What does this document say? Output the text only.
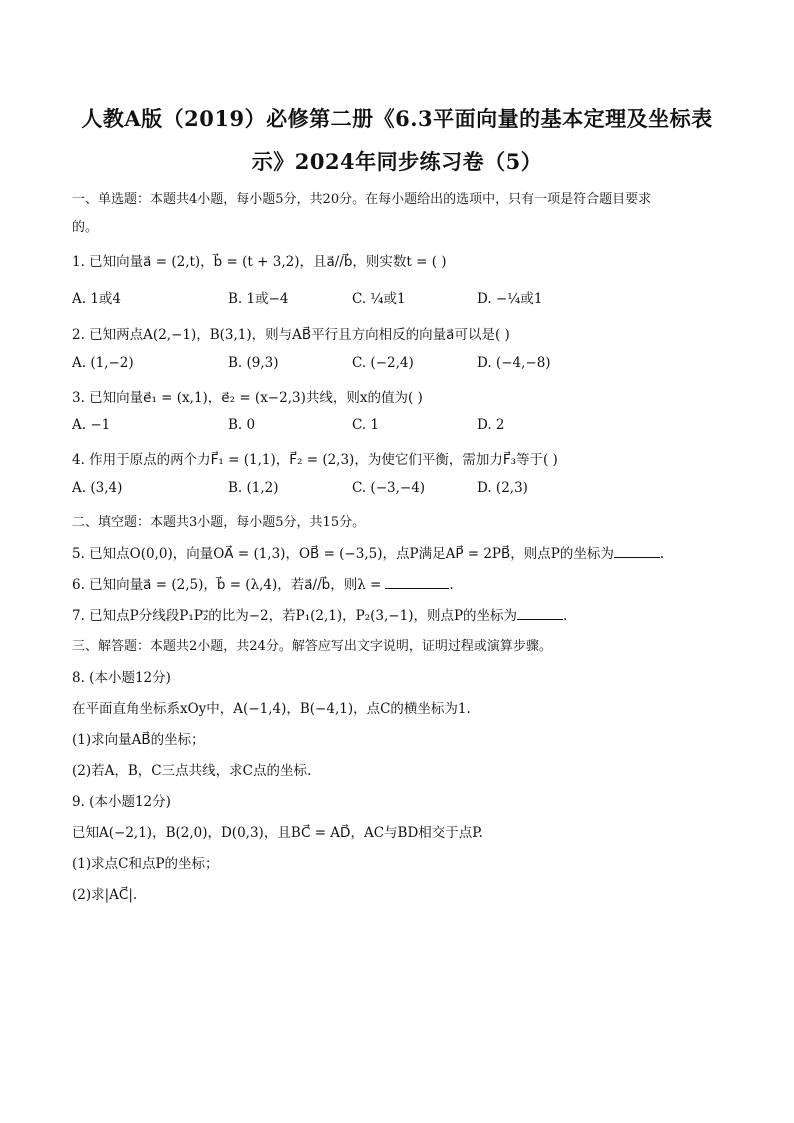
人教A版（2019）必修第二册《6.3平面向量的基本定理及坐标表
示》2024年同步练习卷（5）
一、单选题：本题共4小题，每小题5分，共20分。在每小题给出的选项中，只有一项是符合题目要求
的。
1. 已知向量a⃗ = (2,t)，b⃗ = (t + 3,2)，且a⃗//b⃗，则实数t = ( )
A. 1或4	B. 1或−4	C. ¼或1	D. −¼或1
2. 已知两点A(2,−1)，B(3,1)，则与AB⃗平行且方向相反的向量a⃗可以是( )
A. (1,−2)	B. (9,3)	C. (−2,4)	D. (−4,−8)
3. 已知向量e⃗₁ = (x,1)，e⃗₂ = (x−2,3)共线，则x的值为( )
A. −1	B. 0	C. 1	D. 2
4. 作用于原点的两个力F⃗₁ = (1,1)，F⃗₂ = (2,3)，为使它们平衡，需加力F⃗₃等于( )
A. (3,4)	B. (1,2)	C. (−3,−4)	D. (2,3)
二、填空题：本题共3小题，每小题5分，共15分。
5. 已知点O(0,0)，向量OA⃗ = (1,3)，OB⃗ = (−3,5)，点P满足AP⃗ = 2PB⃗，则点P的坐标为	.
6. 已知向量a⃗ = (2,5)，b⃗ = (λ,4)，若a⃗//b⃗，则λ =	.
7. 已知点P分线段P₁P₂⃗的比为−2，若P₁(2,1)，P₂(3,−1)，则点P的坐标为	.
三、解答题：本题共2小题，共24分。解答应写出文字说明，证明过程或演算步骤。
8. (本小题12分)
在平面直角坐标系xOy中，A(−1,4)，B(−4,1)，点C的横坐标为1.
(1)求向量AB⃗的坐标；
(2)若A，B，C三点共线，求C点的坐标.
9. (本小题12分)
已知A(−2,1)，B(2,0)，D(0,3)，且BC⃗ = AD⃗，AC与BD相交于点P.
(1)求点C和点P的坐标；
(2)求|AC⃗|.
